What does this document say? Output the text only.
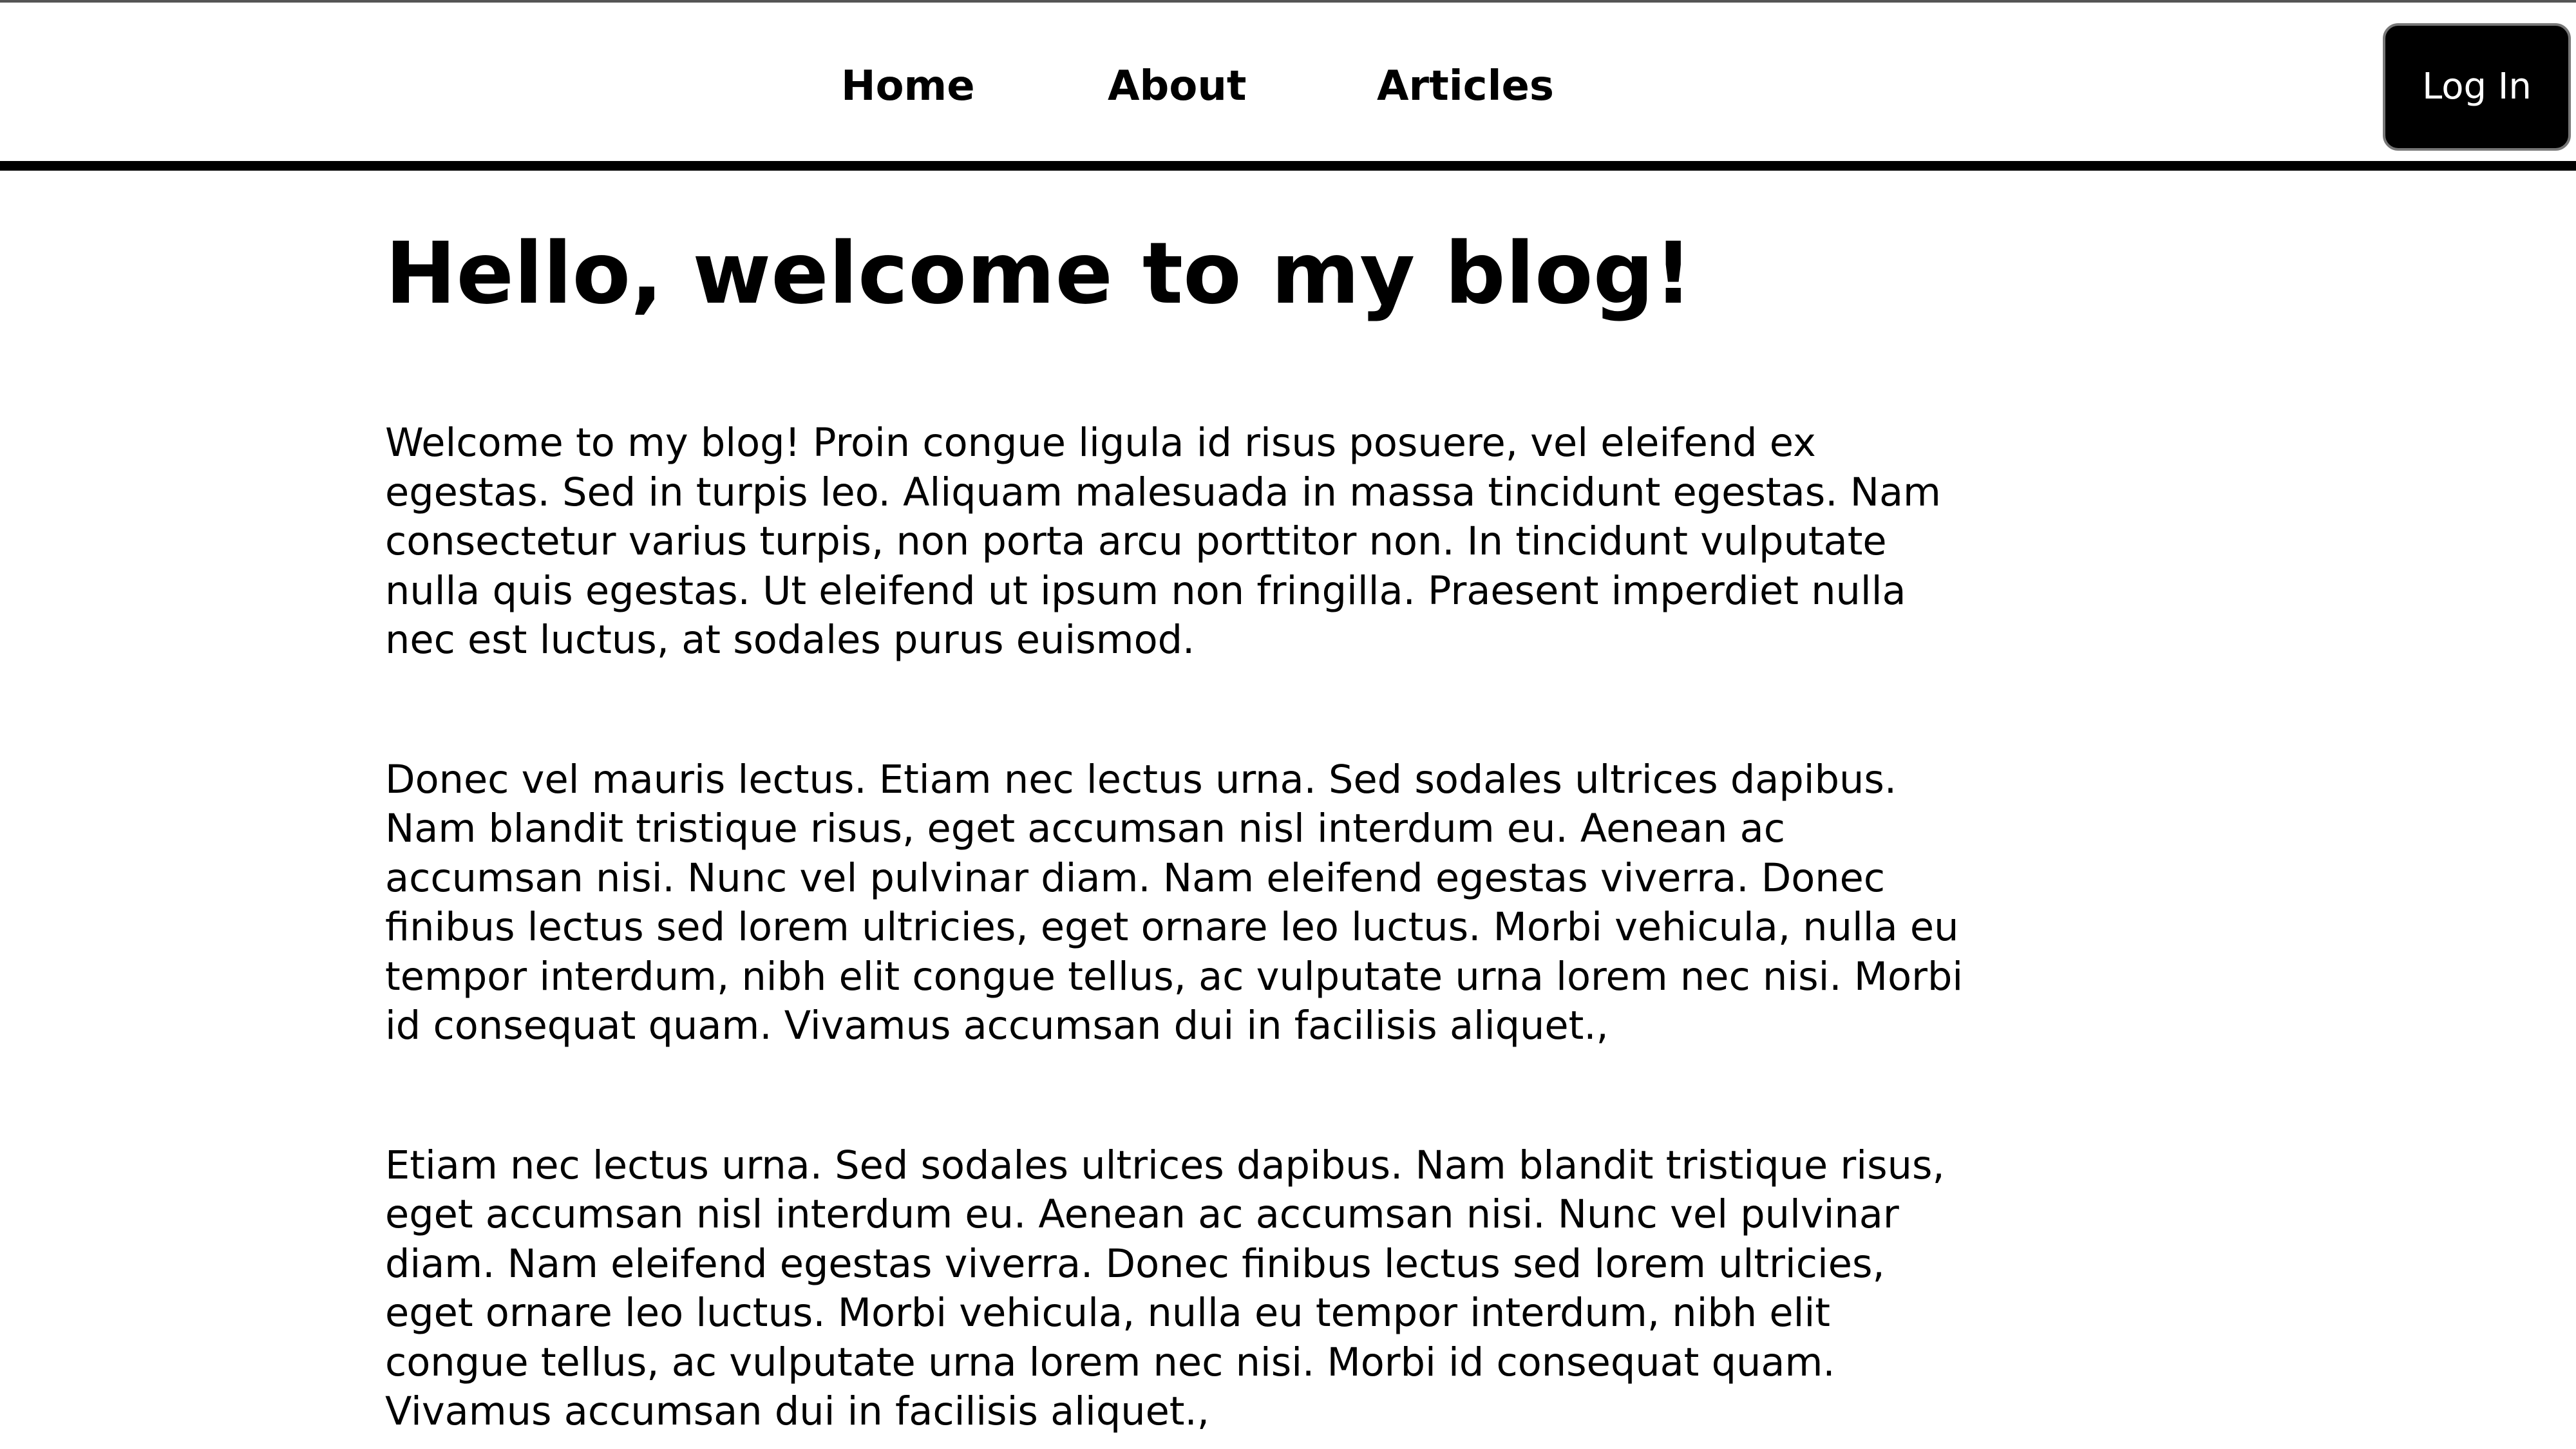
Home	About	Articles	Log In
Hello, welcome to my blog!

Welcome to my blog! Proin congue ligula id risus posuere, vel eleifend ex egestas. Sed in turpis leo. Aliquam malesuada in massa tincidunt egestas. Nam consectetur varius turpis, non porta arcu porttitor non. In tincidunt vulputate nulla quis egestas. Ut eleifend ut ipsum non fringilla. Praesent imperdiet nulla nec est luctus, at sodales purus euismod.

Donec vel mauris lectus. Etiam nec lectus urna. Sed sodales ultrices dapibus. Nam blandit tristique risus, eget accumsan nisl interdum eu. Aenean ac accumsan nisi. Nunc vel pulvinar diam. Nam eleifend egestas viverra. Donec finibus lectus sed lorem ultricies, eget ornare leo luctus. Morbi vehicula, nulla eu tempor interdum, nibh elit congue tellus, ac vulputate urna lorem nec nisi. Morbi id consequat quam. Vivamus accumsan dui in facilisis aliquet.,

Etiam nec lectus urna. Sed sodales ultrices dapibus. Nam blandit tristique risus, eget accumsan nisl interdum eu. Aenean ac accumsan nisi. Nunc vel pulvinar diam. Nam eleifend egestas viverra. Donec finibus lectus sed lorem ultricies, eget ornare leo luctus. Morbi vehicula, nulla eu tempor interdum, nibh elit congue tellus, ac vulputate urna lorem nec nisi. Morbi id consequat quam. Vivamus accumsan dui in facilisis aliquet.,
